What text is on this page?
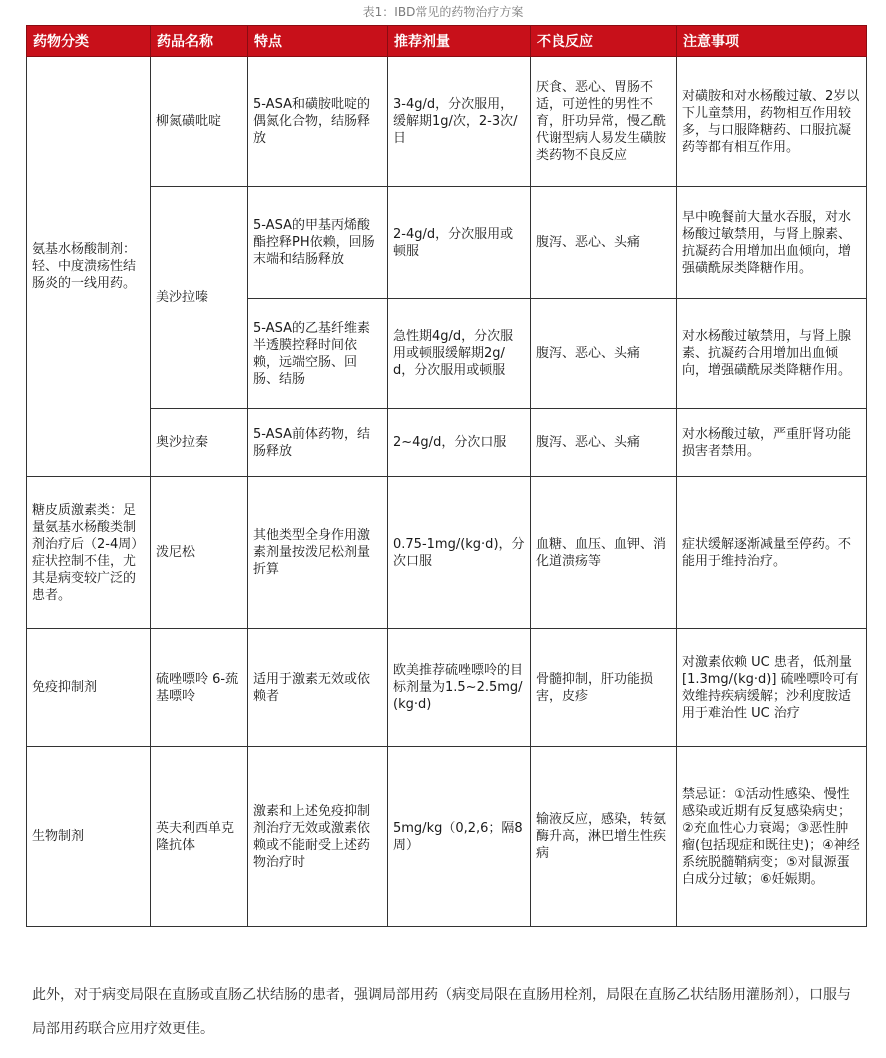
表1：IBD常见的药物治疗方案
药物分类	药品名称	特点	推荐剂量	不良反应	注意事项
氨基水杨酸制剂：轻、中度溃疡性结肠炎的一线用药。	柳氮磺吡啶	5-ASA和磺胺吡啶的偶氮化合物，结肠释放	3-4g/d，分次服用，缓解期1g/次，2-3次/日	厌食、恶心、胃肠不适，可逆性的男性不育，肝功异常，慢乙酰代谢型病人易发生磺胺类药物不良反应	对磺胺和对水杨酸过敏、2岁以下儿童禁用，药物相互作用较多，与口服降糖药、口服抗凝药等都有相互作用。
	美沙拉嗪	5-ASA的甲基丙烯酸酯控释PH依赖，回肠末端和结肠释放	2-4g/d，分次服用或顿服	腹泻、恶心、头痛	早中晚餐前大量水吞服，对水杨酸过敏禁用，与肾上腺素、抗凝药合用增加出血倾向，增强磺酰尿类降糖作用。
		5-ASA的乙基纤维素半透膜控释时间依赖，远端空肠、回肠、结肠	急性期4g/d，分次服用或顿服缓解期2g/d，分次服用或顿服	腹泻、恶心、头痛	对水杨酸过敏禁用，与肾上腺素、抗凝药合用增加出血倾向，增强磺酰尿类降糖作用。
	奥沙拉秦	5-ASA前体药物，结肠释放	2~4g/d，分次口服	腹泻、恶心、头痛	对水杨酸过敏，严重肝肾功能损害者禁用。
糖皮质激素类：足量氨基水杨酸类制剂治疗后（2-4周）症状控制不佳，尤其是病变较广泛的患者。	泼尼松	其他类型全身作用激素剂量按泼尼松剂量折算	0.75-1mg/(kg·d)，分次口服	血糖、血压、血钾、消化道溃疡等	症状缓解逐渐减量至停药。不能用于维持治疗。
免疫抑制剂	硫唑嘌呤 6-巯基嘌呤	适用于激素无效或依赖者	欧美推荐硫唑嘌呤的目标剂量为1.5~2.5mg/(kg·d)	骨髓抑制，肝功能损害，皮疹	对激素依赖 UC 患者，低剂量 [1.3mg/(kg·d)] 硫唑嘌呤可有效维持疾病缓解；沙利度胺适用于难治性 UC 治疗
生物制剂	英夫利西单克隆抗体	激素和上述免疫抑制剂治疗无效或激素依赖或不能耐受上述药物治疗时	5mg/kg（0,2,6；隔8周）	输液反应，感染，转氨酶升高，淋巴增生性疾病	禁忌证：①活动性感染、慢性感染或近期有反复感染病史；②充血性心力衰竭；③恶性肿瘤(包括现症和既往史)；④神经系统脱髓鞘病变；⑤对鼠源蛋白成分过敏；⑥妊娠期。
此外，对于病变局限在直肠或直肠乙状结肠的患者，强调局部用药（病变局限在直肠用栓剂，局限在直肠乙状结肠用灌肠剂），口服与局部用药联合应用疗效更佳。
